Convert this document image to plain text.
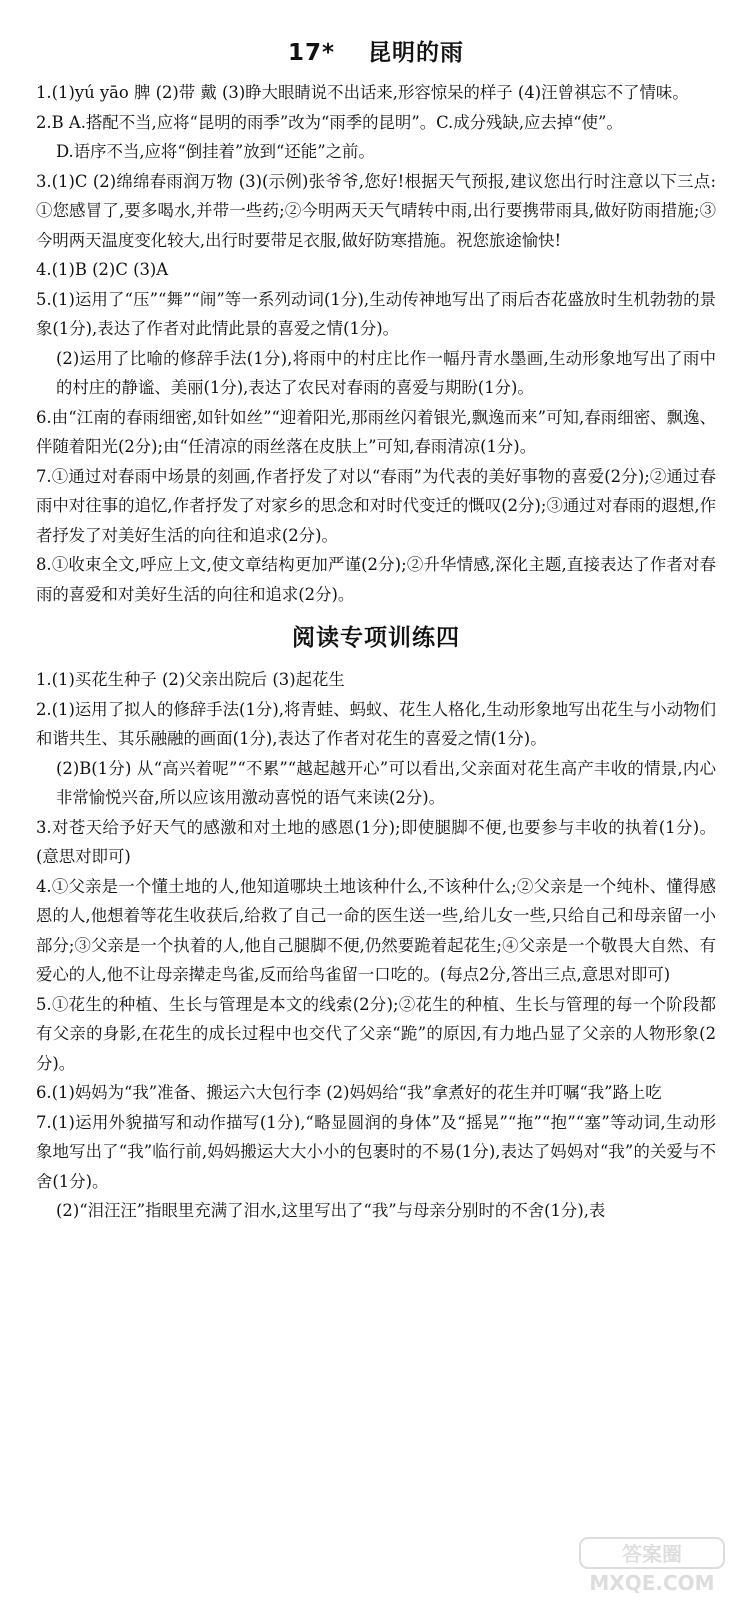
17* 昆明的雨

1.(1)yú yāo 脾 (2)带 戴 (3)睁大眼睛说不出话来,形容惊呆的样子 (4)汪曾祺忘不了情味。

2.B A.搭配不当,应将“昆明的雨季”改为“雨季的昆明”。C.成分残缺,应去掉“使”。

D.语序不当,应将“倒挂着”放到“还能”之前。

3.(1)C (2)绵绵春雨润万物 (3)(示例)张爷爷,您好!根据天气预报,建议您出行时注意以下三点:①您感冒了,要多喝水,并带一些药;②今明两天天气晴转中雨,出行要携带雨具,做好防雨措施;③今明两天温度变化较大,出行时要带足衣服,做好防寒措施。祝您旅途愉快!

4.(1)B (2)C (3)A

5.(1)运用了“压”“舞”“闹”等一系列动词(1分),生动传神地写出了雨后杏花盛放时生机勃勃的景象(1分),表达了作者对此情此景的喜爱之情(1分)。

(2)运用了比喻的修辞手法(1分),将雨中的村庄比作一幅丹青水墨画,生动形象地写出了雨中的村庄的静谧、美丽(1分),表达了农民对春雨的喜爱与期盼(1分)。

6.由“江南的春雨细密,如针如丝”“迎着阳光,那雨丝闪着银光,飘逸而来”可知,春雨细密、飘逸、伴随着阳光(2分);由“任清凉的雨丝落在皮肤上”可知,春雨清凉(1分)。

7.①通过对春雨中场景的刻画,作者抒发了对以“春雨”为代表的美好事物的喜爱(2分);②通过春雨中对往事的追忆,作者抒发了对家乡的思念和对时代变迁的慨叹(2分);③通过对春雨的遐想,作者抒发了对美好生活的向往和追求(2分)。

8.①收束全文,呼应上文,使文章结构更加严谨(2分);②升华情感,深化主题,直接表达了作者对春雨的喜爱和对美好生活的向往和追求(2分)。

阅读专项训练四

1.(1)买花生种子 (2)父亲出院后 (3)起花生

2.(1)运用了拟人的修辞手法(1分),将青蛙、蚂蚁、花生人格化,生动形象地写出花生与小动物们和谐共生、其乐融融的画面(1分),表达了作者对花生的喜爱之情(1分)。

(2)B(1分) 从“高兴着呢”“不累”“越起越开心”可以看出,父亲面对花生高产丰收的情景,内心非常愉悦兴奋,所以应该用激动喜悦的语气来读(2分)。

3.对苍天给予好天气的感激和对土地的感恩(1分);即使腿脚不便,也要参与丰收的执着(1分)。(意思对即可)

4.①父亲是一个懂土地的人,他知道哪块土地该种什么,不该种什么;②父亲是一个纯朴、懂得感恩的人,他想着等花生收获后,给救了自己一命的医生送一些,给儿女一些,只给自己和母亲留一小部分;③父亲是一个执着的人,他自己腿脚不便,仍然要跪着起花生;④父亲是一个敬畏大自然、有爱心的人,他不让母亲撵走鸟雀,反而给鸟雀留一口吃的。(每点2分,答出三点,意思对即可)

5.①花生的种植、生长与管理是本文的线索(2分);②花生的种植、生长与管理的每一个阶段都有父亲的身影,在花生的成长过程中也交代了父亲“跪”的原因,有力地凸显了父亲的人物形象(2分)。

6.(1)妈妈为“我”准备、搬运六大包行李 (2)妈妈给“我”拿煮好的花生并叮嘱“我”路上吃

7.(1)运用外貌描写和动作描写(1分),“略显圆润的身体”及“摇晃”“拖”“抱”“塞”等动词,生动形象地写出了“我”临行前,妈妈搬运大大小小的包裹时的不易(1分),表达了妈妈对“我”的关爱与不舍(1分)。

(2)“泪汪汪”指眼里充满了泪水,这里写出了“我”与母亲分别时的不舍(1分),表

答案圈
MXQE.COM
